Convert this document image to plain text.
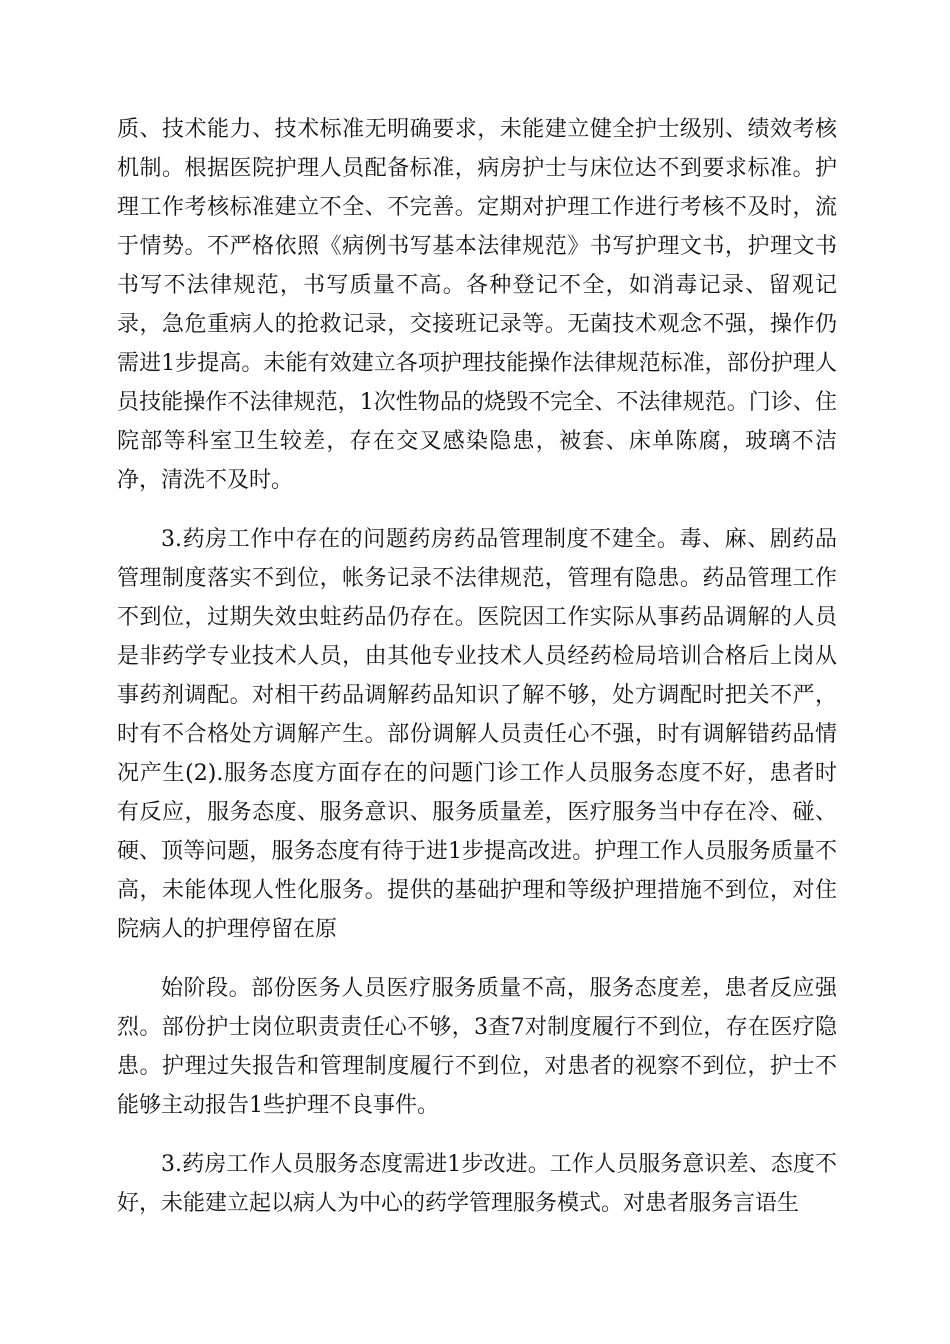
质、技术能力、技术标准无明确要求，未能建立健全护士级别、绩效考核机制。根据医院护理人员配备标准，病房护士与床位达不到要求标准。护理工作考核标准建立不全、不完善。定期对护理工作进行考核不及时，流于情势。不严格依照《病例书写基本法律规范》书写护理文书，护理文书书写不法律规范，书写质量不高。各种登记不全，如消毒记录、留观记录，急危重病人的抢救记录，交接班记录等。无菌技术观念不强，操作仍需进1步提高。未能有效建立各项护理技能操作法律规范标准，部份护理人员技能操作不法律规范，1次性物品的烧毁不完全、不法律规范。门诊、住院部等科室卫生较差，存在交叉感染隐患，被套、床单陈腐，玻璃不洁净，清洗不及时。

3.药房工作中存在的问题药房药品管理制度不建全。毒、麻、剧药品管理制度落实不到位，帐务记录不法律规范，管理有隐患。药品管理工作不到位，过期失效虫蛀药品仍存在。医院因工作实际从事药品调解的人员是非药学专业技术人员，由其他专业技术人员经药检局培训合格后上岗从事药剂调配。对相干药品调解药品知识了解不够，处方调配时把关不严，时有不合格处方调解产生。部份调解人员责任心不强，时有调解错药品情况产生(2).服务态度方面存在的问题门诊工作人员服务态度不好，患者时有反应，服务态度、服务意识、服务质量差，医疗服务当中存在冷、碰、硬、顶等问题，服务态度有待于进1步提高改进。护理工作人员服务质量不高，未能体现人性化服务。提供的基础护理和等级护理措施不到位，对住院病人的护理停留在原

始阶段。部份医务人员医疗服务质量不高，服务态度差，患者反应强烈。部份护士岗位职责责任心不够，3查7对制度履行不到位，存在医疗隐患。护理过失报告和管理制度履行不到位，对患者的视察不到位，护士不能够主动报告1些护理不良事件。

3.药房工作人员服务态度需进1步改进。工作人员服务意识差、态度不好，未能建立起以病人为中心的药学管理服务模式。对患者服务言语生
